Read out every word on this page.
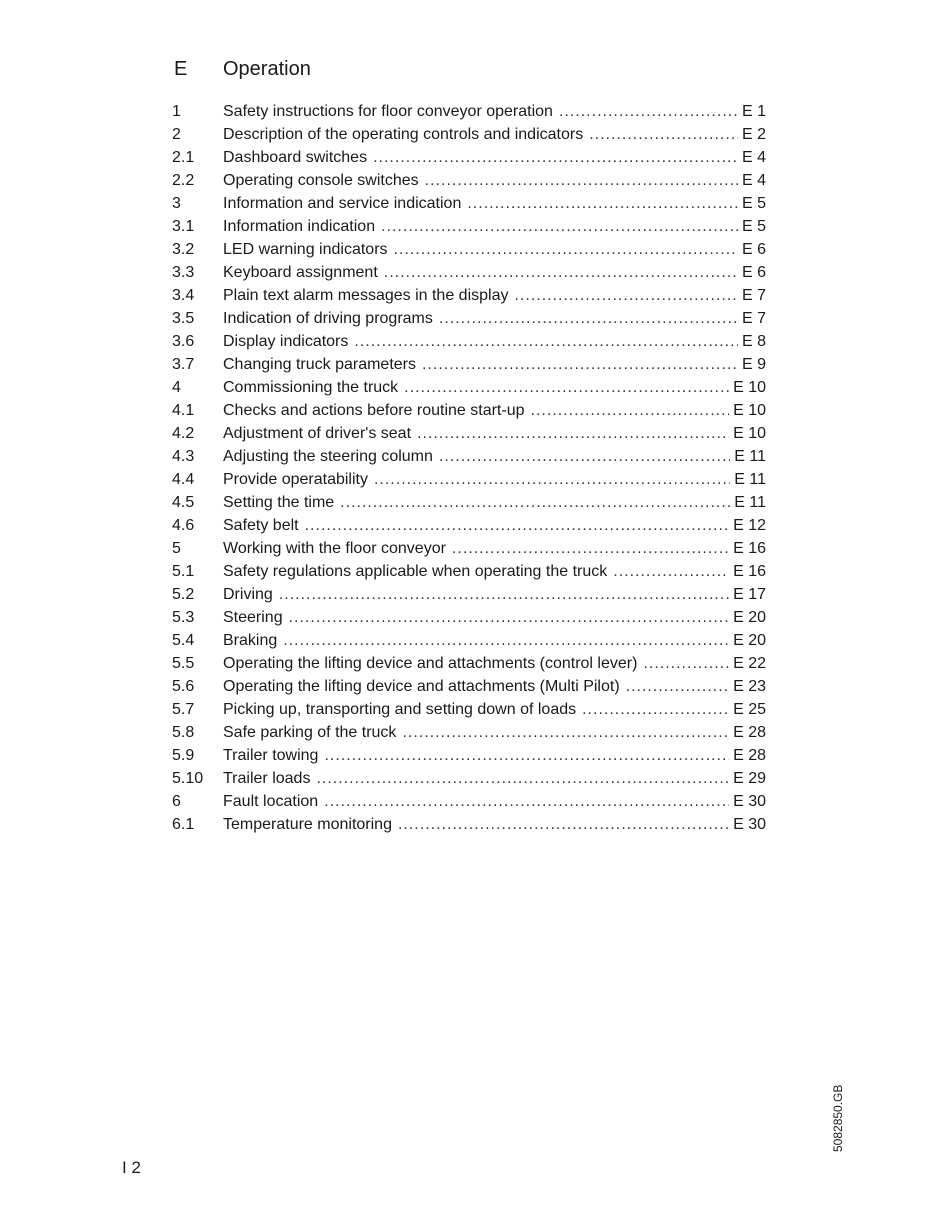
E Operation
1	Safety instructions for floor conveyor operation .....	E 1
2	Description of the operating controls and indicators .....	E 2
2.1	Dashboard switches .....	E 4
2.2	Operating console switches .....	E 4
3	Information and service indication .....	E 5
3.1	Information indication .....	E 5
3.2	LED warning indicators .....	E 6
3.3	Keyboard assignment .....	E 6
3.4	Plain text alarm messages in the display .....	E 7
3.5	Indication of driving programs .....	E 7
3.6	Display indicators .....	E 8
3.7	Changing truck parameters .....	E 9
4	Commissioning the truck .....	E 10
4.1	Checks and actions before routine start-up .....	E 10
4.2	Adjustment of driver's seat .....	E 10
4.3	Adjusting the steering column .....	E 11
4.4	Provide operatability .....	E 11
4.5	Setting the time .....	E 11
4.6	Safety belt .....	E 12
5	Working with the floor conveyor .....	E 16
5.1	Safety regulations applicable when operating the truck .....	E 16
5.2	Driving .....	E 17
5.3	Steering .....	E 20
5.4	Braking .....	E 20
5.5	Operating the lifting device and attachments (control lever) .....	E 22
5.6	Operating the lifting device and attachments (Multi Pilot) .....	E 23
5.7	Picking up, transporting and setting down of loads .....	E 25
5.8	Safe parking of the truck .....	E 28
5.9	Trailer towing .....	E 28
5.10	Trailer loads .....	E 29
6	Fault location .....	E 30
6.1	Temperature monitoring .....	E 30
5082850.GB
I 2
